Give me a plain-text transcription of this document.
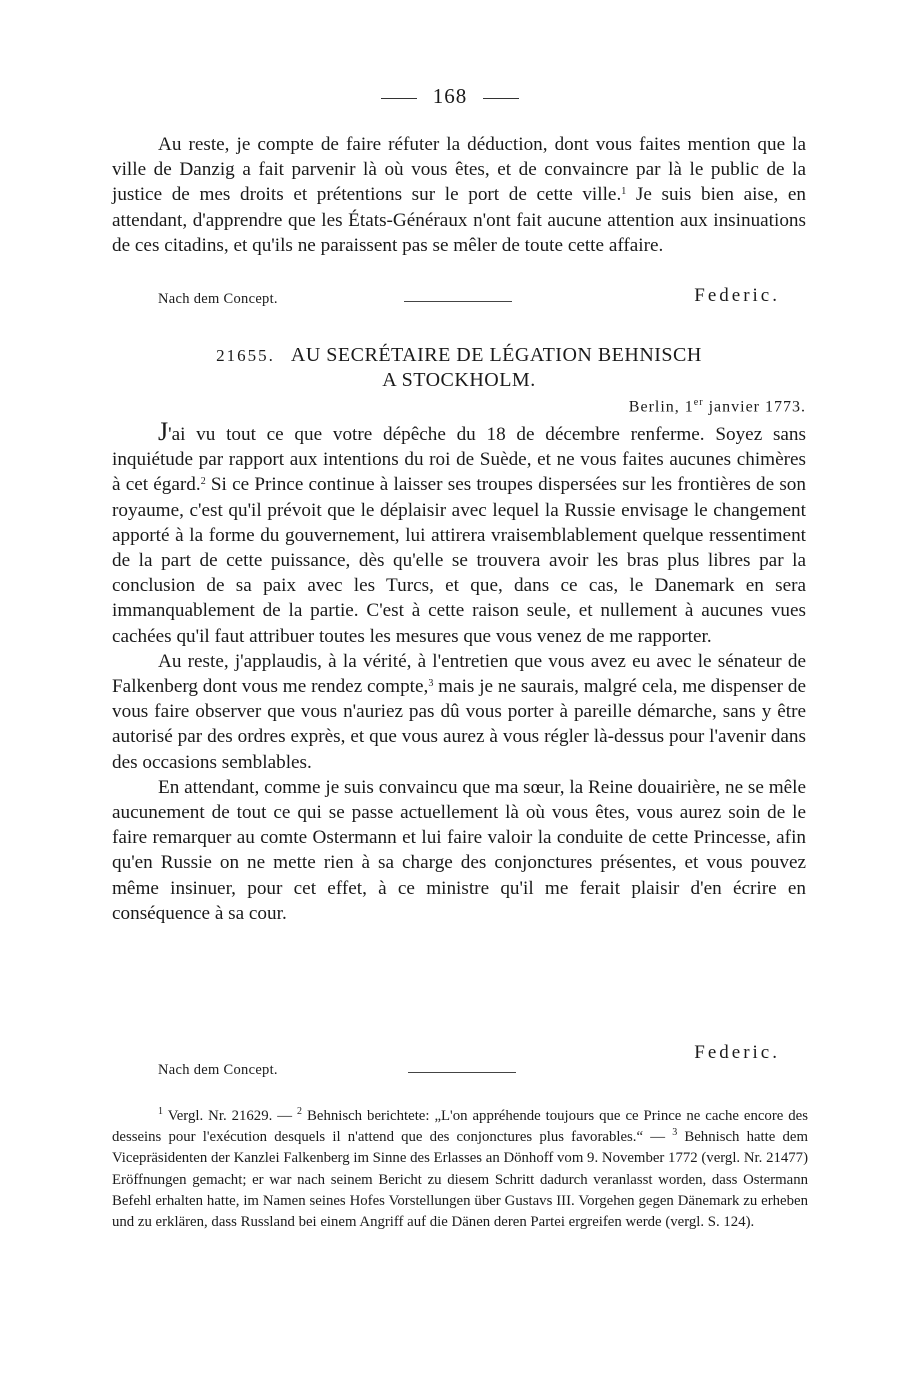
168

Au reste, je compte de faire réfuter la déduction, dont vous faites mention que la ville de Danzig a fait parvenir là où vous êtes, et de convaincre par là le public de la justice de mes droits et prétentions sur le port de cette ville.$^1$ Je suis bien aise, en attendant, d'apprendre que les États-Généraux n'ont fait aucune attention aux insinuations de ces citadins, et qu'ils ne paraissent pas se mêler de toute cette affaire.

Nach dem Concept.	Federic.
21655. AU SECRÉTAIRE DE LÉGATION BEHNISCH
A STOCKHOLM.
Berlin, 1er janvier 1773.

J'ai vu tout ce que votre dépêche du 18 de décembre renferme. Soyez sans inquiétude par rapport aux intentions du roi de Suède, et ne vous faites aucunes chimères à cet égard.$^2$ Si ce Prince continue à laisser ses troupes dispersées sur les frontières de son royaume, c'est qu'il prévoit que le déplaisir avec lequel la Russie envisage le changement apporté à la forme du gouvernement, lui attirera vraisemblablement quelque ressentiment de la part de cette puissance, dès qu'elle se trouvera avoir les bras plus libres par la conclusion de sa paix avec les Turcs, et que, dans ce cas, le Danemark en sera immanquablement de la partie. C'est à cette raison seule, et nullement à aucunes vues cachées qu'il faut attribuer toutes les mesures que vous venez de me rapporter.

Au reste, j'applaudis, à la vérité, à l'entretien que vous avez eu avec le sénateur de Falkenberg dont vous me rendez compte,$^3$ mais je ne saurais, malgré cela, me dispenser de vous faire observer que vous n'auriez pas dû vous porter à pareille démarche, sans y être autorisé par des ordres exprès, et que vous aurez à vous régler là-dessus pour l'avenir dans des occasions semblables.

En attendant, comme je suis convaincu que ma sœur, la Reine douairière, ne se mêle aucunement de tout ce qui se passe actuellement là où vous êtes, vous aurez soin de le faire remarquer au comte Ostermann et lui faire valoir la conduite de cette Princesse, afin qu'en Russie on ne mette rien à sa charge des conjonctures présentes, et vous pouvez même insinuer, pour cet effet, à ce ministre qu'il me ferait plaisir d'en écrire en conséquence à sa cour.

Federic.
Nach dem Concept.
$^1$ Vergl. Nr. 21629. — $^2$ Behnisch berichtete: „L'on appréhende toujours que ce Prince ne cache encore des desseins pour l'exécution desquels il n'attend que des conjonctures plus favorables.“ — $^3$ Behnisch hatte dem Vicepräsidenten der Kanzlei Falkenberg im Sinne des Erlasses an Dönhoff vom 9. November 1772 (vergl. Nr. 21477) Eröffnungen gemacht; er war nach seinem Bericht zu diesem Schritt dadurch veranlasst worden, dass Ostermann Befehl erhalten hatte, im Namen seines Hofes Vorstellungen über Gustavs III. Vorgehen gegen Dänemark zu erheben und zu erklären, dass Russland bei einem Angriff auf die Dänen deren Partei ergreifen werde (vergl. S. 124).
